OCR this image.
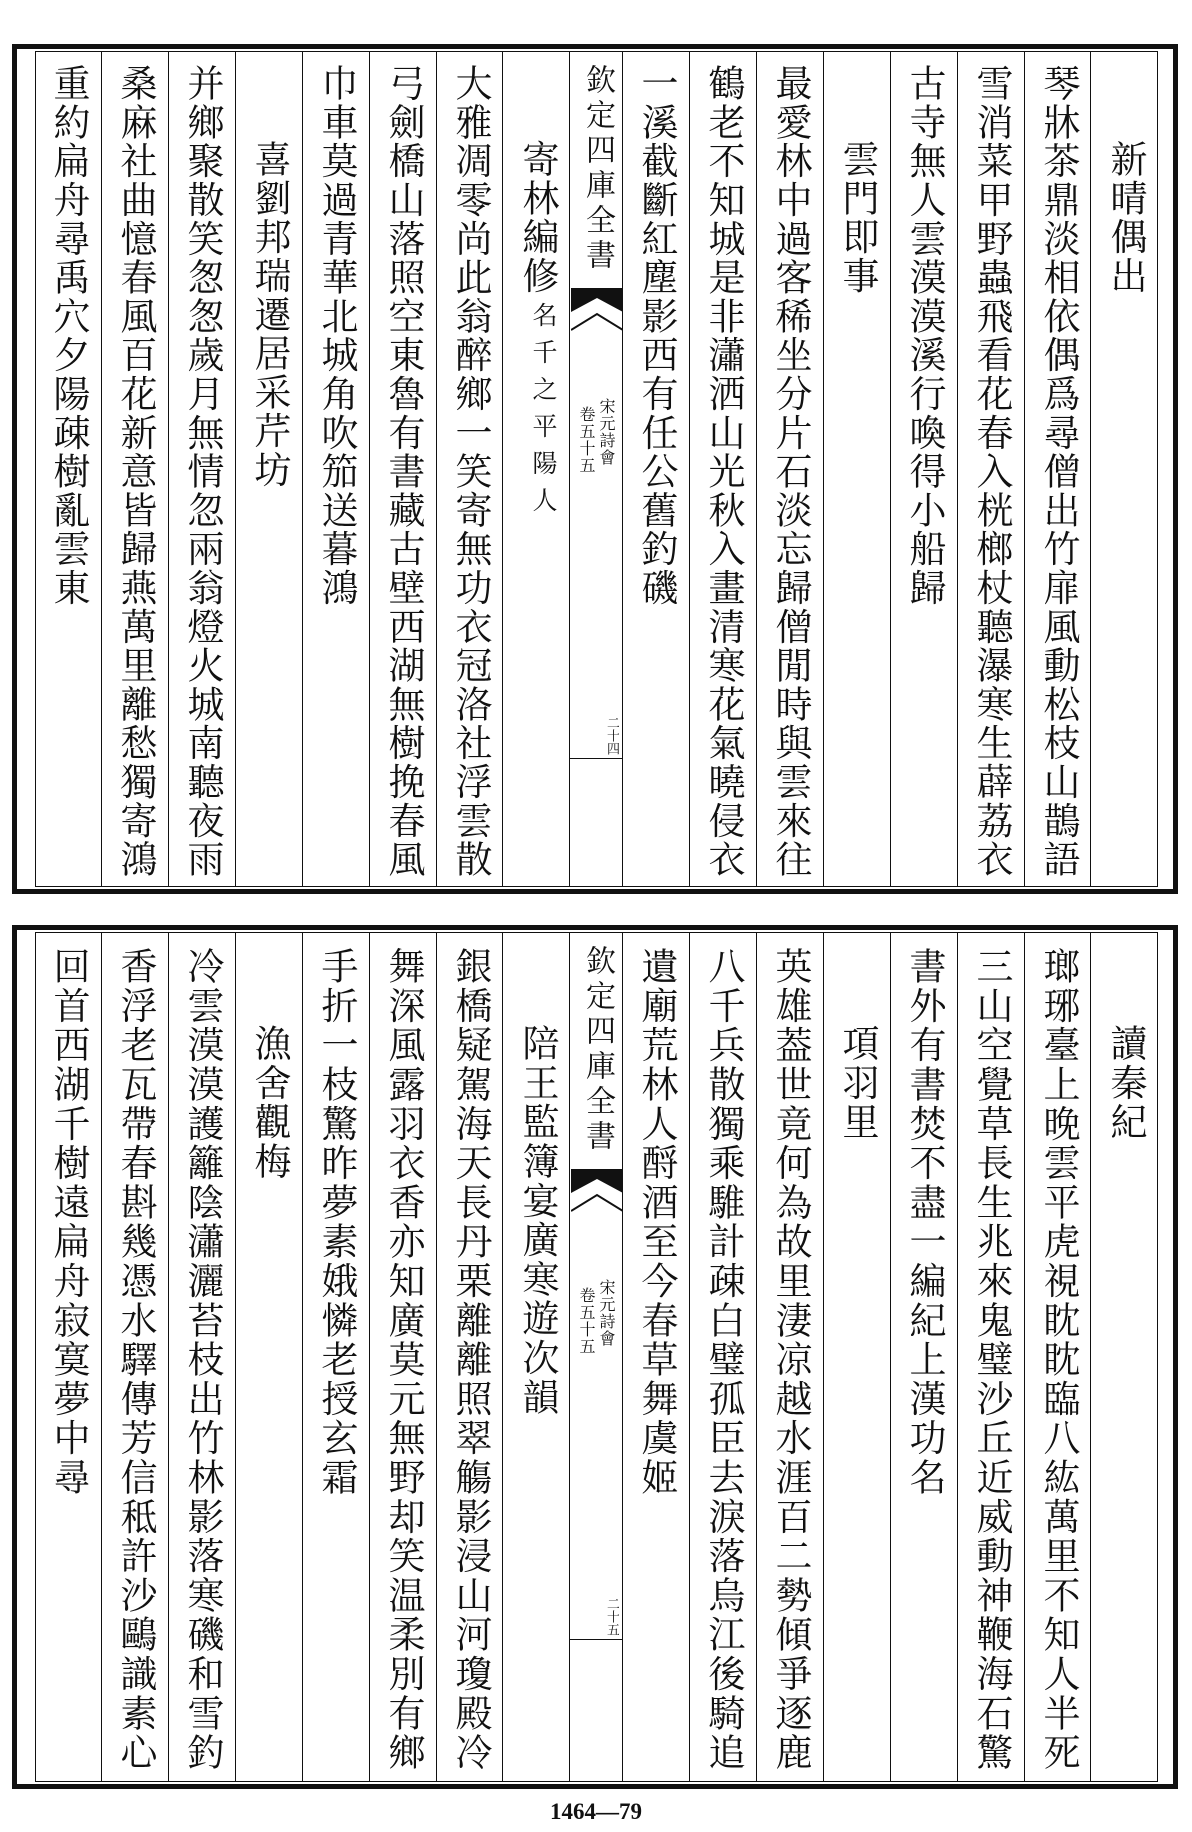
新晴偶出
琴牀茶鼎淡相依偶爲尋僧出竹扉風動松枝山鵲語
雪消菜甲野蟲飛看花春入桄榔杖聽瀑寒生薜荔衣
古寺無人雲漠漠溪行喚得小船歸
雲門即事
最愛林中過客稀坐分片石淡忘歸僧閒時與雲來往
鶴老不知城是非瀟洒山光秋入畫清寒花氣曉侵衣
一溪截斷紅塵影西有任公舊釣磯
欽定四庫全書
宋元詩會
卷五十五
二十四
寄林編修
名千之平陽人
大雅凋零尚此翁醉鄉一笑寄無功衣冠洛社浮雲散
弓劍橋山落照空東魯有書藏古壁西湖無樹挽春風
巾車莫過青華北城角吹笳送暮鴻
喜劉邦瑞遷居采芹坊
并鄉聚散笑怱怱歲月無情忽兩翁燈火城南聽夜雨
桑麻社曲憶春風百花新意皆歸燕萬里離愁獨寄鴻
重約扁舟尋禹穴夕陽疎樹亂雲東
讀秦紀
瑯琊臺上晚雲平虎視眈眈臨八紘萬里不知人半死
三山空覺草長生兆來鬼璧沙丘近威動神鞭海石驚
書外有書焚不盡一編紀上漢功名
項羽里
英雄葢世竟何為故里淒凉越水涯百二勢傾爭逐鹿
八千兵散獨乘騅計疎白璧孤臣去淚落烏江後騎追
遺廟荒林人酹酒至今春草舞虞姬
欽定四庫全書
宋元詩會
卷五十五
二十五
陪王監簿宴廣寒遊次韻
銀橋疑駕海天長丹栗離離照翠觴影浸山河瓊殿冷
舞深風露羽衣香亦知廣莫元無野却笑温柔別有鄉
手折一枝驚昨夢素娥憐老授玄霜
漁舍觀梅
冷雲漠漠護籬陰瀟灑苔枝出竹林影落寒磯和雪釣
香浮老瓦帶春斟幾憑水驛傳芳信秪許沙鷗識素心
回首西湖千樹遠扁舟寂寞夢中尋
1464—79
